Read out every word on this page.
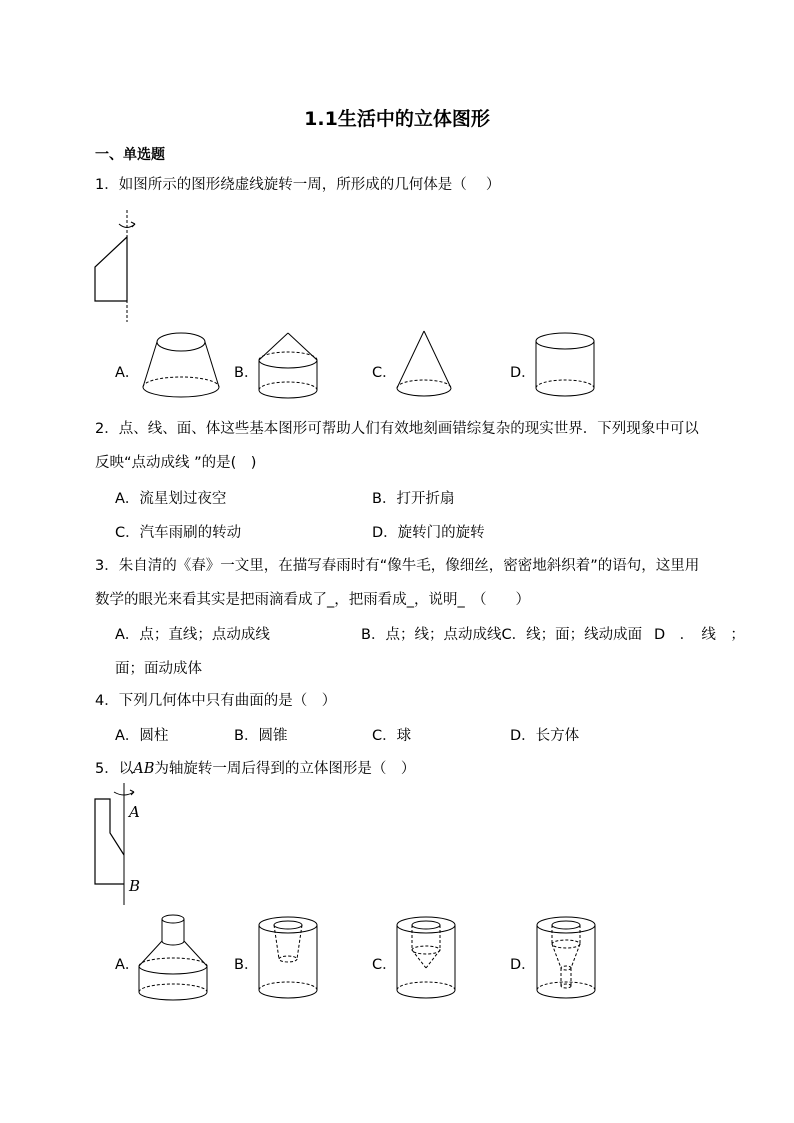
1.1生活中的立体图形
一、单选题
1．如图所示的图形绕虚线旋转一周，所形成的几何体是（　 ）
A．	B．	C．	D．
2．点、线、面、体这些基本图形可帮助人们有效地刻画错综复杂的现实世界．下列现象中可以
反映“点动成线 ”的是(　)
A．流星划过夜空	B．打开折扇
C．汽车雨刷的转动	D．旋转门的旋转
3．朱自清的《春》一文里，在描写春雨时有“像牛毛，像细丝，密密地斜织着”的语句，这里用
数学的眼光来看其实是把雨滴看成了_，把雨看成_，说明_　（　　）
A．点；直线；点动成线	B．点；线；点动成线C．线；面；线动成面 D　．　线　；
面；面动成体
4．下列几何体中只有曲面的是（　）
A．圆柱	B．圆锥	C．球	D．长方体
5．以AB为轴旋转一周后得到的立体图形是（　）
A
B
A．	B．	C．	D．
